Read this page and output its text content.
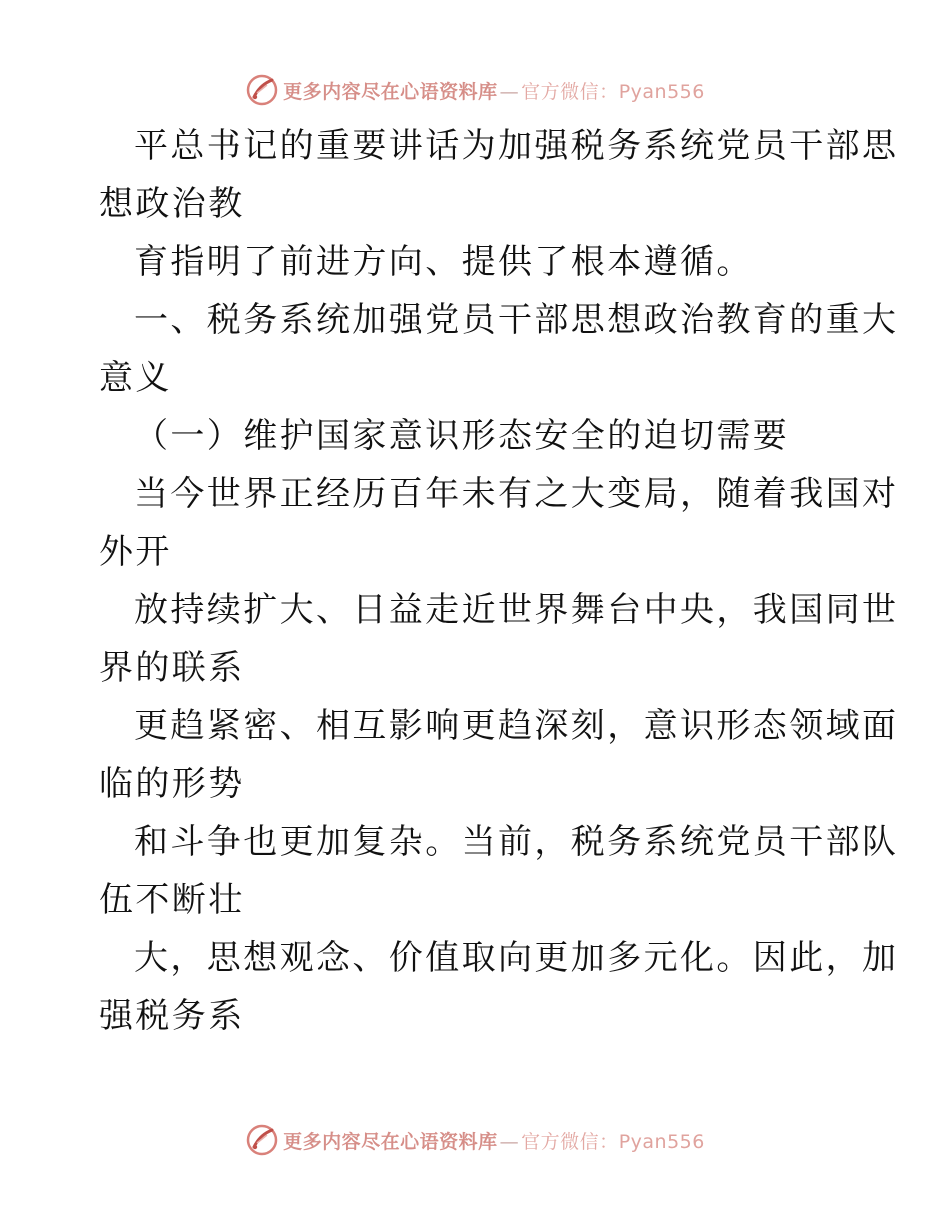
更多内容尽在心语资料库 — 官方微信：Pyan556

平总书记的重要讲话为加强税务系统党员干部思

想政治教

育指明了前进方向、提供了根本遵循。

一、税务系统加强党员干部思想政治教育的重大

意义

（一）维护国家意识形态安全的迫切需要

当今世界正经历百年未有之大变局，随着我国对

外开

放持续扩大、日益走近世界舞台中央，我国同世

界的联系

更趋紧密、相互影响更趋深刻，意识形态领域面

临的形势

和斗争也更加复杂。当前，税务系统党员干部队

伍不断壮

大，思想观念、价值取向更加多元化。因此，加

强税务系

更多内容尽在心语资料库 — 官方微信：Pyan556
